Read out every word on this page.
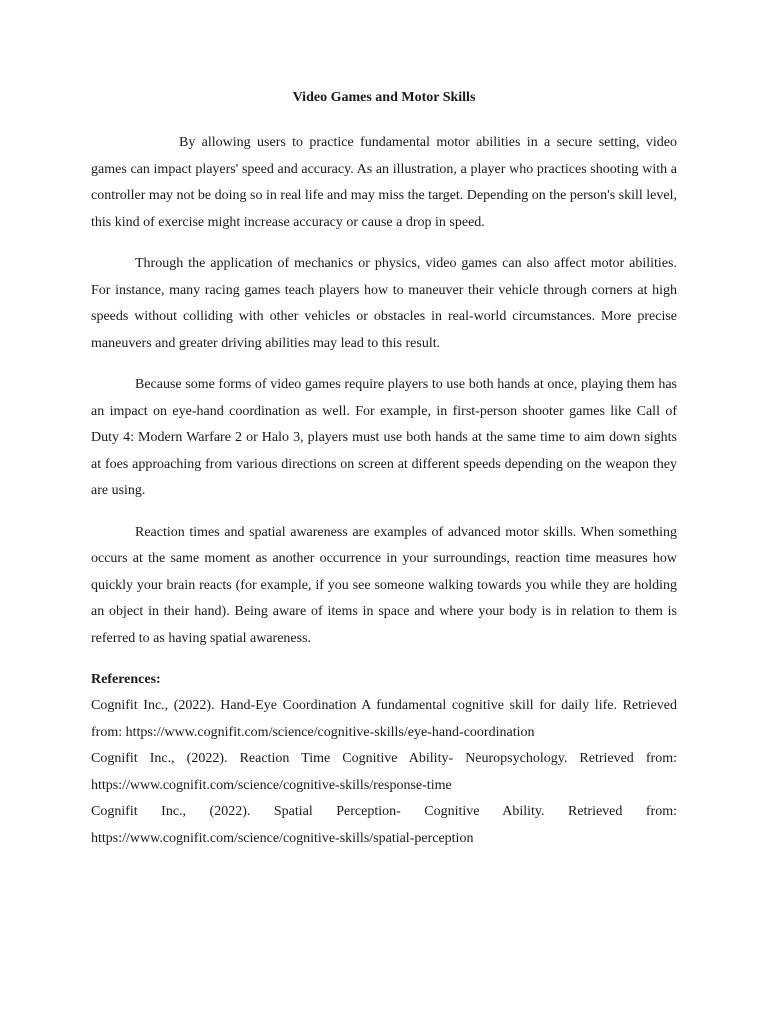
Video Games and Motor Skills

By allowing users to practice fundamental motor abilities in a secure setting, video games can impact players' speed and accuracy. As an illustration, a player who practices shooting with a controller may not be doing so in real life and may miss the target. Depending on the person's skill level, this kind of exercise might increase accuracy or cause a drop in speed.

Through the application of mechanics or physics, video games can also affect motor abilities. For instance, many racing games teach players how to maneuver their vehicle through corners at high speeds without colliding with other vehicles or obstacles in real-world circumstances. More precise maneuvers and greater driving abilities may lead to this result.

Because some forms of video games require players to use both hands at once, playing them has an impact on eye-hand coordination as well. For example, in first-person shooter games like Call of Duty 4: Modern Warfare 2 or Halo 3, players must use both hands at the same time to aim down sights at foes approaching from various directions on screen at different speeds depending on the weapon they are using.

Reaction times and spatial awareness are examples of advanced motor skills. When something occurs at the same moment as another occurrence in your surroundings, reaction time measures how quickly your brain reacts (for example, if you see someone walking towards you while they are holding an object in their hand). Being aware of items in space and where your body is in relation to them is referred to as having spatial awareness.

References:

Cognifit Inc., (2022). Hand-Eye Coordination A fundamental cognitive skill for daily life. Retrieved from: https://www.cognifit.com/science/cognitive-skills/eye-hand-coordination

Cognifit Inc., (2022). Reaction Time Cognitive Ability- Neuropsychology. Retrieved from: https://www.cognifit.com/science/cognitive-skills/response-time

Cognifit Inc., (2022). Spatial Perception- Cognitive Ability. Retrieved from: https://www.cognifit.com/science/cognitive-skills/spatial-perception
